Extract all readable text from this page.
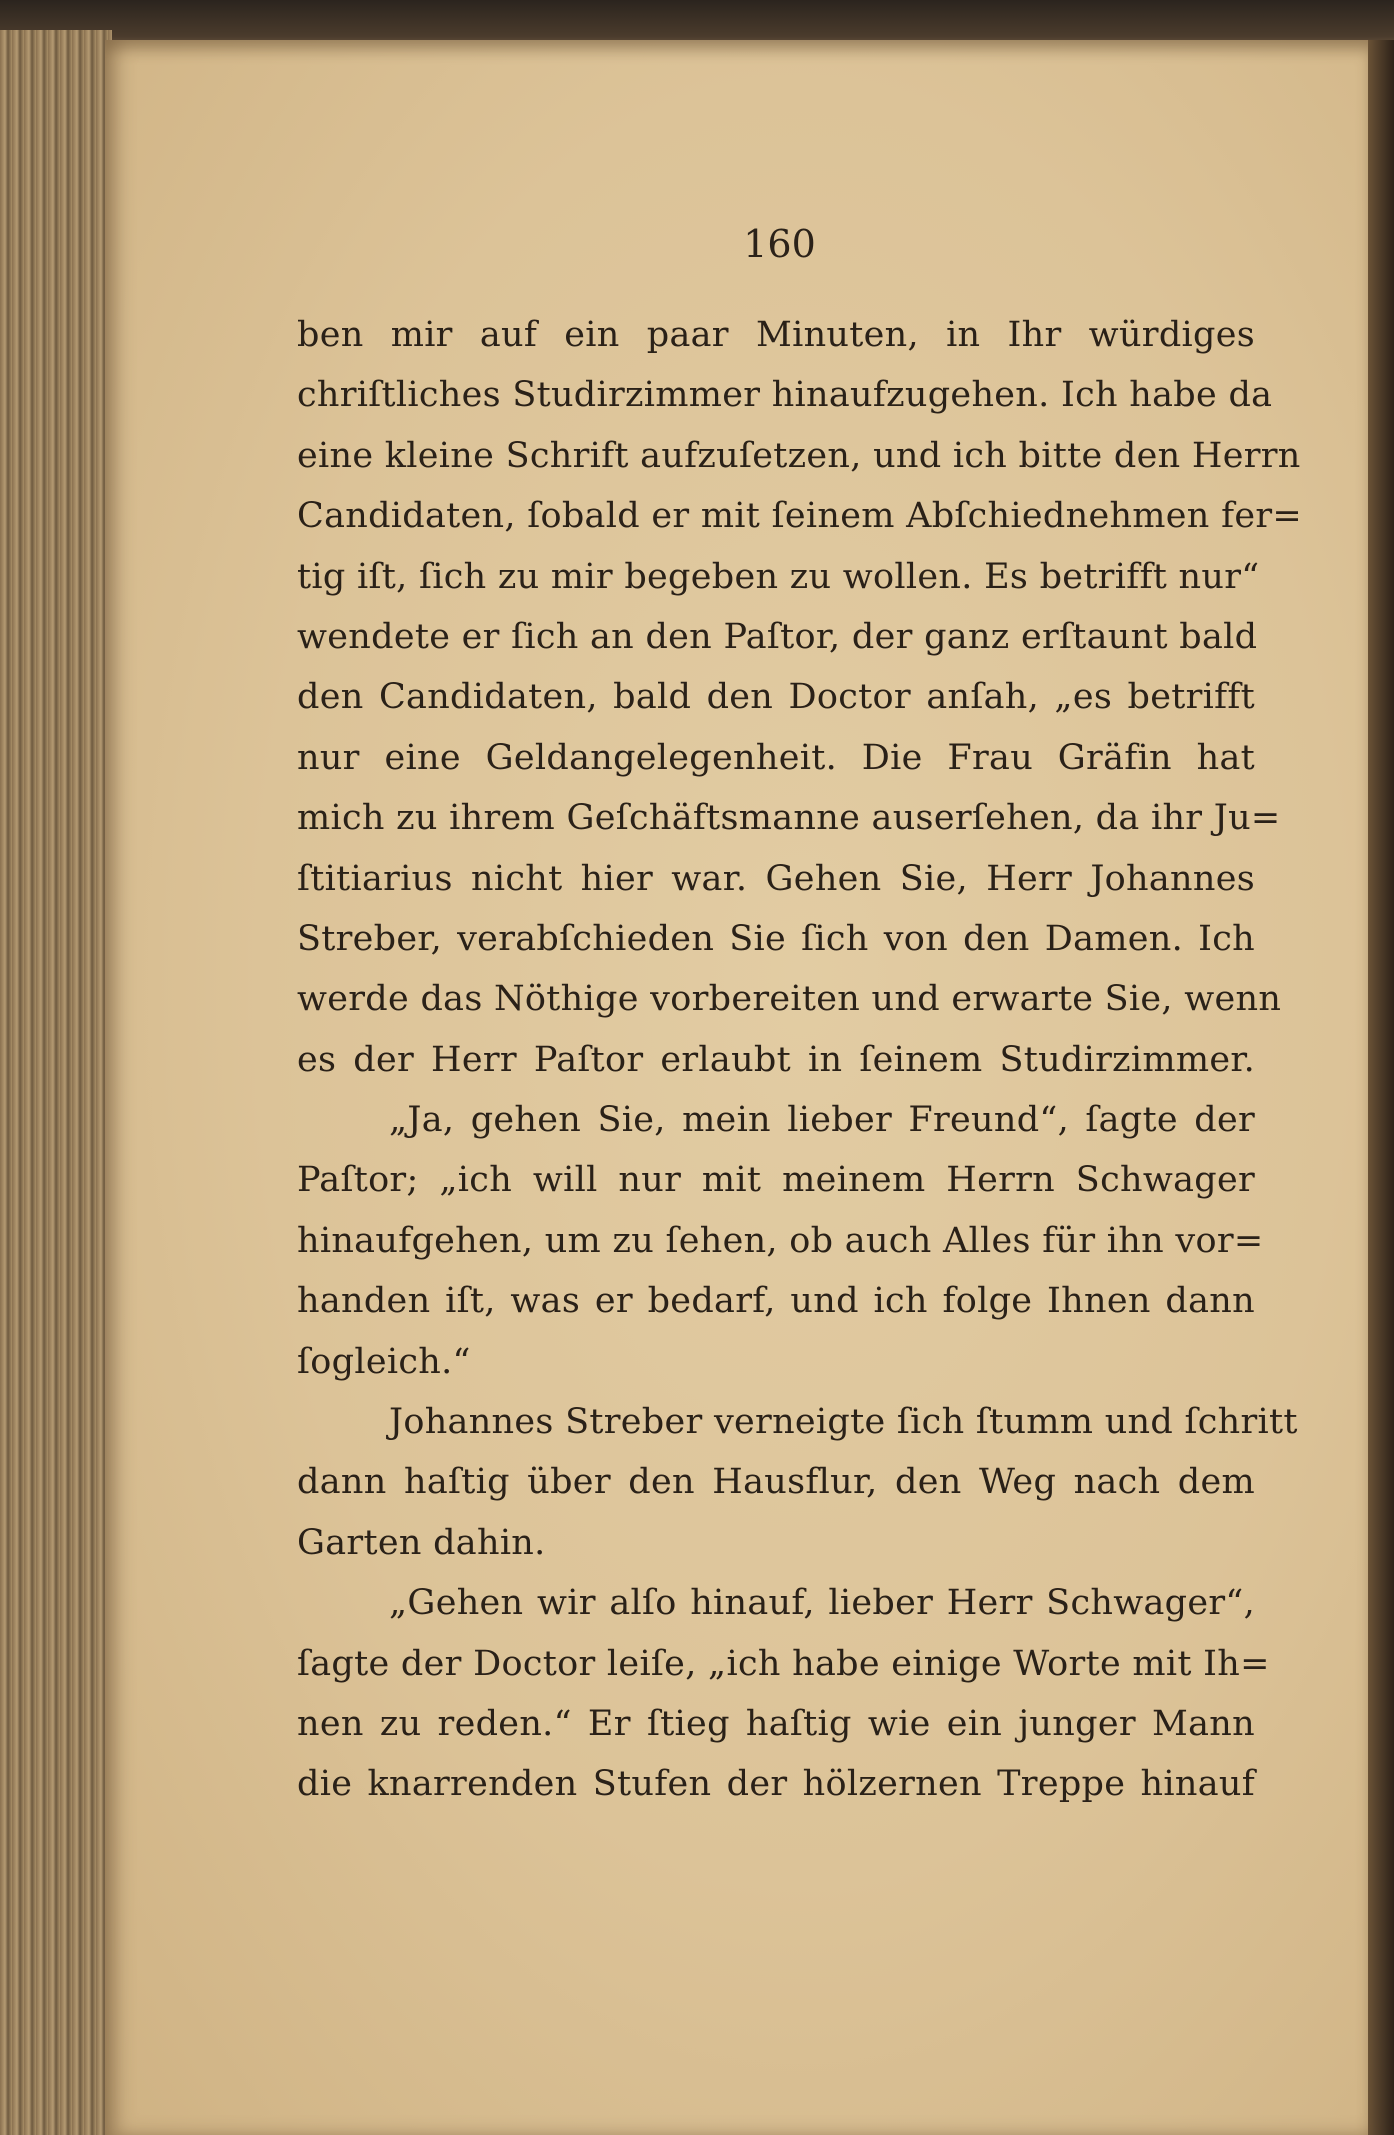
160
ben mir auf ein paar Minuten, in Ihr würdiges
chriſtliches Studirzimmer hinaufzugehen. Ich habe da
eine kleine Schrift aufzuſetzen, und ich bitte den Herrn
Candidaten, ſobald er mit ſeinem Abſchiednehmen fer=
tig iſt, ſich zu mir begeben zu wollen. Es betrifft nur“
wendete er ſich an den Paſtor, der ganz erſtaunt bald
den Candidaten, bald den Doctor anſah, „es betrifft
nur eine Geldangelegenheit. Die Frau Gräfin hat
mich zu ihrem Geſchäftsmanne auserſehen, da ihr Ju=
ſtitiarius nicht hier war. Gehen Sie, Herr Johannes
Streber, verabſchieden Sie ſich von den Damen. Ich
werde das Nöthige vorbereiten und erwarte Sie, wenn
es der Herr Paſtor erlaubt in ſeinem Studirzimmer.
„Ja, gehen Sie, mein lieber Freund“, ſagte der
Paſtor; „ich will nur mit meinem Herrn Schwager
hinaufgehen, um zu ſehen, ob auch Alles für ihn vor=
handen iſt, was er bedarf, und ich folge Ihnen dann
ſogleich.“
Johannes Streber verneigte ſich ſtumm und ſchritt
dann haſtig über den Hausflur, den Weg nach dem
Garten dahin.
„Gehen wir alſo hinauf, lieber Herr Schwager“,
ſagte der Doctor leiſe, „ich habe einige Worte mit Ih=
nen zu reden.“ Er ſtieg haſtig wie ein junger Mann
die knarrenden Stufen der hölzernen Treppe hinauf
